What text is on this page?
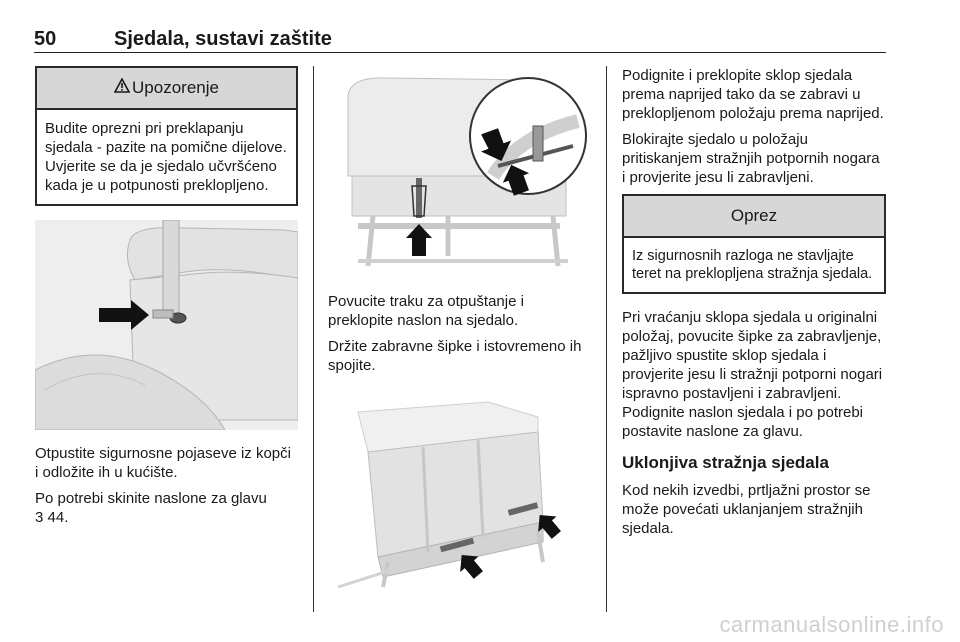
50	Sjedala, sustavi zaštite
Upozorenje
Budite oprezni pri preklapanju sjedala - pazite na pomične dijelove. Uvjerite se da je sjedalo učvršćeno kada je u potpunosti preklopljeno.

Otpustite sigurnosne pojaseve iz kopči i odložite ih u kućište.

Po potrebi skinite naslone za glavu
3 44.

Povucite traku za otpuštanje i preklopite naslon na sjedalo.

Držite zabravne šipke i istovremeno ih spojite.

Podignite i preklopite sklop sjedala prema naprijed tako da se zabravi u preklopljenom položaju prema naprijed.

Blokirajte sjedalo u položaju pritiskanjem stražnjih potpornih nogara i provjerite jesu li zabravljeni.

Oprez
Iz sigurnosnih razloga ne stavljajte teret na preklopljena stražnja sjedala.

Pri vraćanju sklopa sjedala u originalni položaj, povucite šipke za zabravljenje, pažljivo spustite sklop sjedala i provjerite jesu li stražnji potporni nogari ispravno postavljeni i zabravljeni. Podignite naslon sjedala i po potrebi postavite naslone za glavu.

Uklonjiva stražnja sjedala

Kod nekih izvedbi, prtljažni prostor se može povećati uklanjanjem stražnjih sjedala.

carmanualsonline.info
